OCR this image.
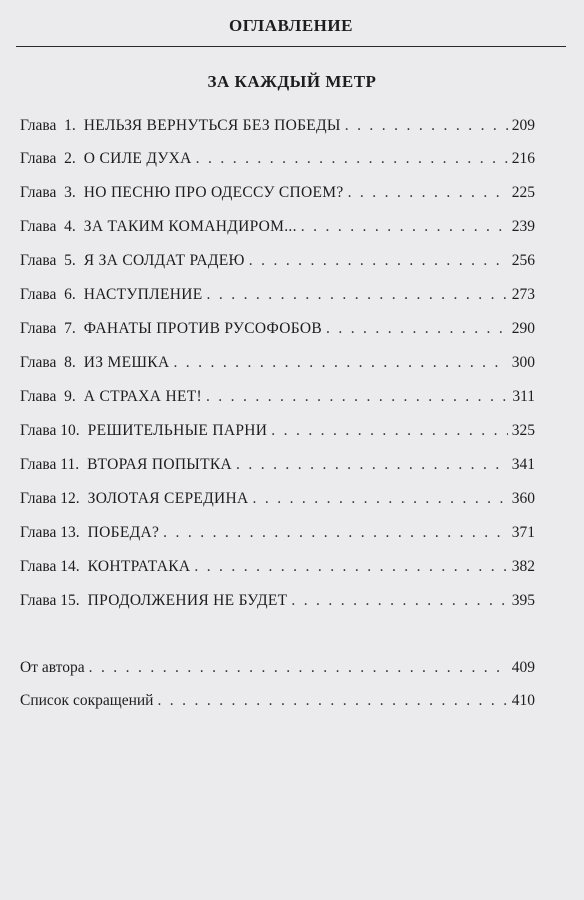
ОГЛАВЛЕНИЕ
ЗА КАЖДЫЙ МЕТР
Глава 1. НЕЛЬЗЯ ВЕРНУТЬСЯ БЕЗ ПОБЕДЫ . . .	209
Глава 2. О СИЛЕ ДУХА . . .	216
Глава 3. НО ПЕСНЮ ПРО ОДЕССУ СПОЕМ? . . .	225
Глава 4. ЗА ТАКИМ КОМАНДИРОМ... . . .	239
Глава 5. Я ЗА СОЛДАТ РАДЕЮ . . .	256
Глава 6. НАСТУПЛЕНИЕ . . .	273
Глава 7. ФАНАТЫ ПРОТИВ РУСОФОБОВ . . .	290
Глава 8. ИЗ МЕШКА . . .	300
Глава 9. А СТРАХА НЕТ! . . .	311
Глава 10. РЕШИТЕЛЬНЫЕ ПАРНИ . . .	325
Глава 11. ВТОРАЯ ПОПЫТКА . . .	341
Глава 12. ЗОЛОТАЯ СЕРЕДИНА . . .	360
Глава 13. ПОБЕДА? . . .	371
Глава 14. КОНТРАТАКА . . .	382
Глава 15. ПРОДОЛЖЕНИЯ НЕ БУДЕТ . . .	395
От автора . . .	409
Список сокращений . . .	410
